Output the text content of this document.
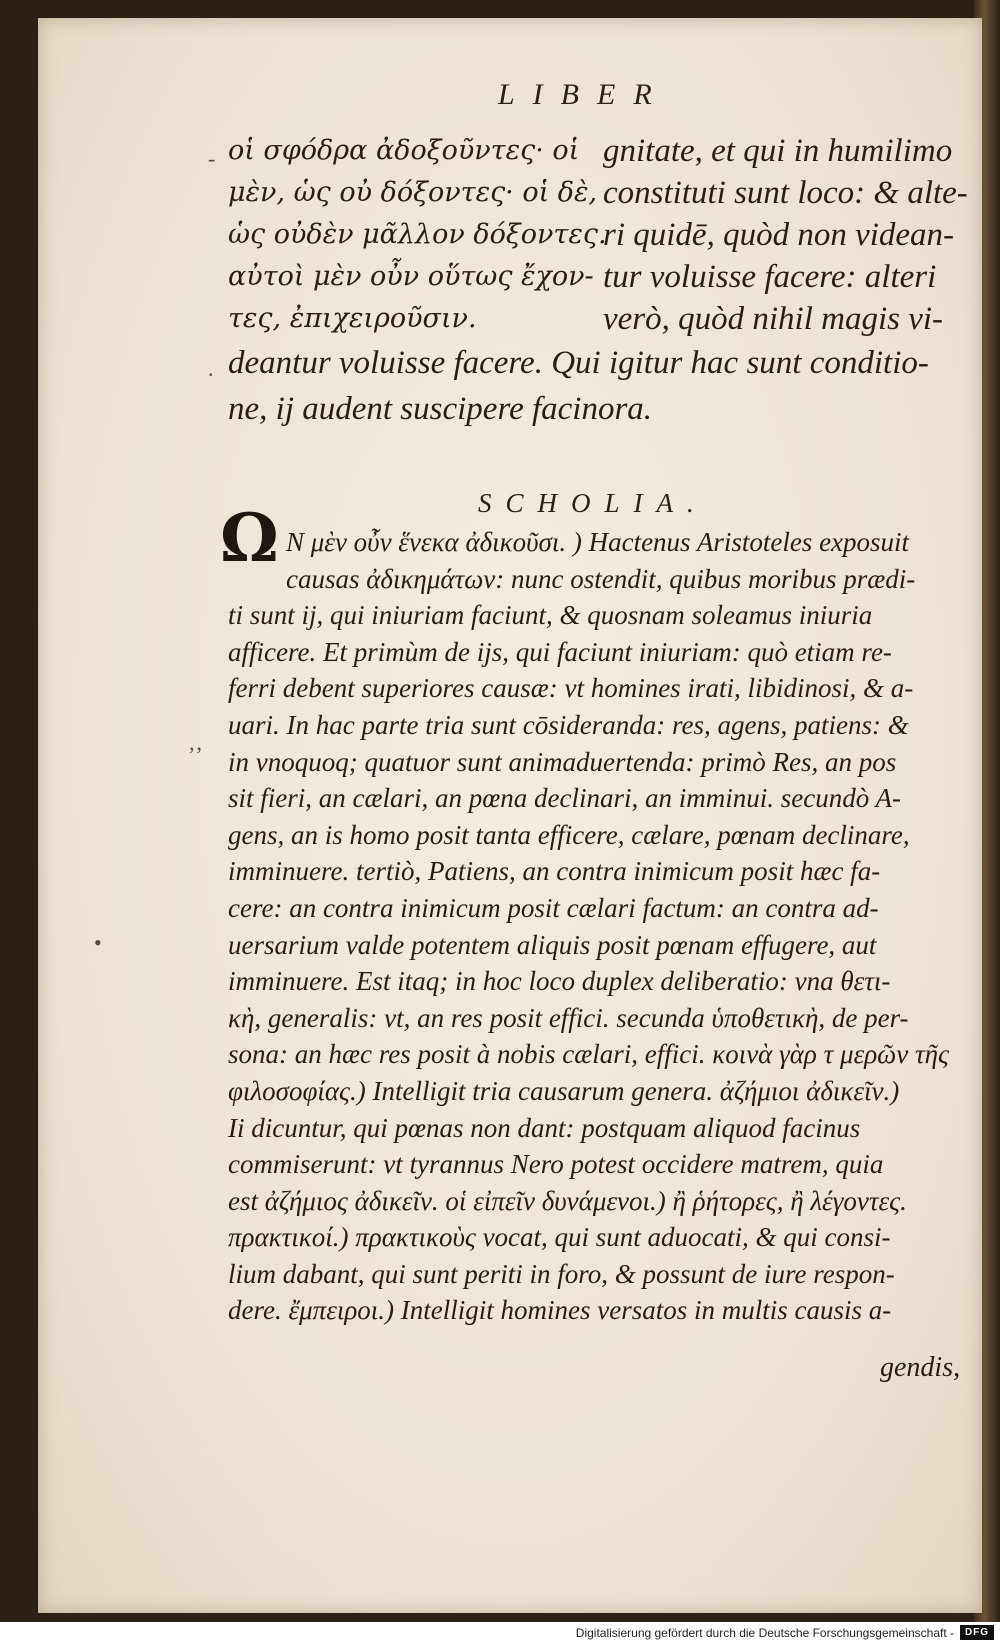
LIBER
οἱ σφόδρα ἀδοξοῦντες· οἱ
μὲν, ὡς οὐ δόξοντες· οἱ δὲ,
ὡς οὐδὲν μᾶλλον δόξοντες.
αὐτοὶ μὲν οὖν οὕτως ἔχον-
τες, ἐπιχειροῦσιν.
gnitate, et qui in humilimo
constituti sunt loco: & alte-
ri quidē, quòd non videan-
tur voluisse facere: alteri
verò, quòd nihil magis vi-
deantur voluisse facere. Qui igitur hac sunt conditio-
ne, ij audent suscipere facinora.
SCHOLIA.
Ω N μὲν οὖν ἕνεκα ἀδικοῦσι. ) Hactenus Aristoteles exposuit
causas ἀδικημάτων: nunc ostendit, quibus moribus prædi-
ti sunt ij, qui iniuriam faciunt, & quosnam soleamus iniuria
afficere. Et primùm de ijs, qui faciunt iniuriam: quò etiam re-
ferri debent superiores causæ: vt homines irati, libidinosi, & a-
uari. In hac parte tria sunt cōsideranda: res, agens, patiens: &
in vnoquoq; quatuor sunt animaduertenda: primò Res, an pos
sit fieri, an cælari, an pœna declinari, an imminui. secundò A-
gens, an is homo posit tanta efficere, cælare, pœnam declinare,
imminuere. tertiò, Patiens, an contra inimicum posit hæc fa-
cere: an contra inimicum posit cælari factum: an contra ad-
uersarium valde potentem aliquis posit pœnam effugere, aut
imminuere. Est itaq; in hoc loco duplex deliberatio: vna θετι-
κὴ, generalis: vt, an res posit effici. secunda ὑποθετικὴ, de per-
sona: an hæc res posit à nobis cælari, effici. κοινὰ γὰρ τ μερῶν τῆς
φιλοσοφίας.) Intelligit tria causarum genera. ἀζήμιοι ἀδικεῖν.)
Ii dicuntur, qui pœnas non dant: postquam aliquod facinus
commiserunt: vt tyrannus Nero potest occidere matrem, quia
est ἀζήμιος ἀδικεῖν. οἱ εἰπεῖν δυνάμενοι.) ἢ ῥήτορες, ἢ λέγοντες.
πρακτικοί.) πρακτικοὺς vocat, qui sunt aduocati, & qui consi-
lium dabant, qui sunt periti in foro, & possunt de iure respon-
dere. ἔμπειροι.) Intelligit homines versatos in multis causis a-
gendis,
-
.
‚‚
•
Digitalisierung gefördert durch die Deutsche Forschungsgemeinschaft -	DFG
